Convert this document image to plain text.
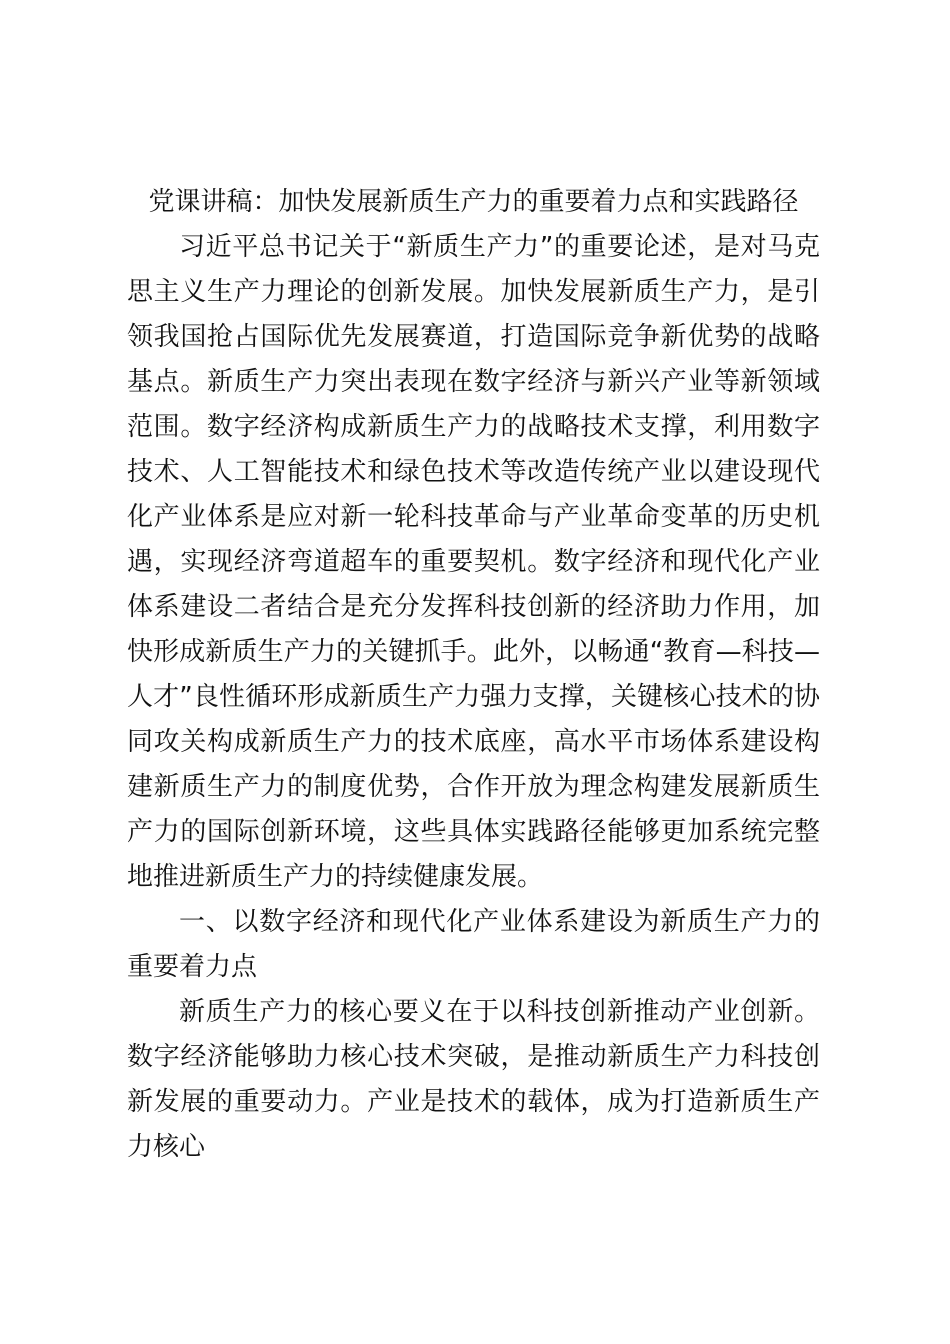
党课讲稿：加快发展新质生产力的重要着力点和实践路径

习近平总书记关于“新质生产力”的重要论述，是对马克思主义生产力理论的创新发展。加快发展新质生产力，是引领我国抢占国际优先发展赛道，打造国际竞争新优势的战略基点。新质生产力突出表现在数字经济与新兴产业等新领域范围。数字经济构成新质生产力的战略技术支撑，利用数字技术、人工智能技术和绿色技术等改造传统产业以建设现代化产业体系是应对新一轮科技革命与产业革命变革的历史机遇，实现经济弯道超车的重要契机。数字经济和现代化产业体系建设二者结合是充分发挥科技创新的经济助力作用，加快形成新质生产力的关键抓手。此外，以畅通“教育—科技—人才”良性循环形成新质生产力强力支撑，关键核心技术的协同攻关构成新质生产力的技术底座，高水平市场体系建设构建新质生产力的制度优势，合作开放为理念构建发展新质生产力的国际创新环境，这些具体实践路径能够更加系统完整地推进新质生产力的持续健康发展。

一、以数字经济和现代化产业体系建设为新质生产力的重要着力点

新质生产力的核心要义在于以科技创新推动产业创新。数字经济能够助力核心技术突破，是推动新质生产力科技创新发展的重要动力。产业是技术的载体，成为打造新质生产力核心
